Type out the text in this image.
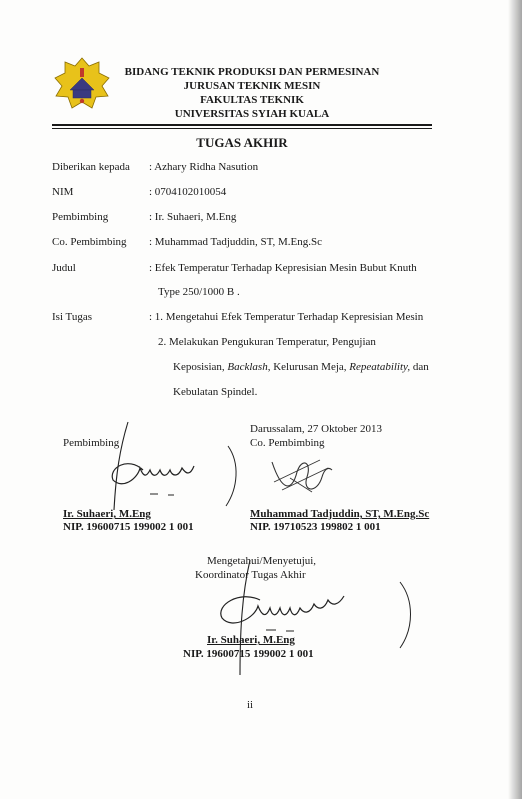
BIDANG TEKNIK PRODUKSI DAN PERMESINAN
JURUSAN TEKNIK MESIN
FAKULTAS TEKNIK
UNIVERSITAS SYIAH KUALA
TUGAS AKHIR
Diberikan kepada : Azhary Ridha Nasution
NIM	: 0704102010054
Pembimbing	: Ir. Suhaeri, M.Eng
Co. Pembimbing : Muhammad Tadjuddin, ST, M.Eng.Sc
Judul	: Efek Temperatur Terhadap Kepresisian Mesin Bubut Knuth
Type 250/1000 B .
Isi Tugas	: 1. Mengetahui Efek Temperatur Terhadap Kepresisian Mesin
2. Melakukan Pengukuran Temperatur, Pengujian
Keposisian, Backlash, Kelurusan Meja, Repeatability, dan
Kebulatan Spindel.
Darussalam, 27 Oktober 2013
Co. Pembimbing
Pembimbing
Ir. Suhaeri, M.Eng
NIP. 19600715 199002 1 001
Muhammad Tadjuddin, ST, M.Eng.Sc
NIP. 19710523 199802 1 001
Mengetahui/Menyetujui,
Koordinator Tugas Akhir
Ir. Suhaeri, M.Eng
NIP. 19600715 199002 1 001
ii
